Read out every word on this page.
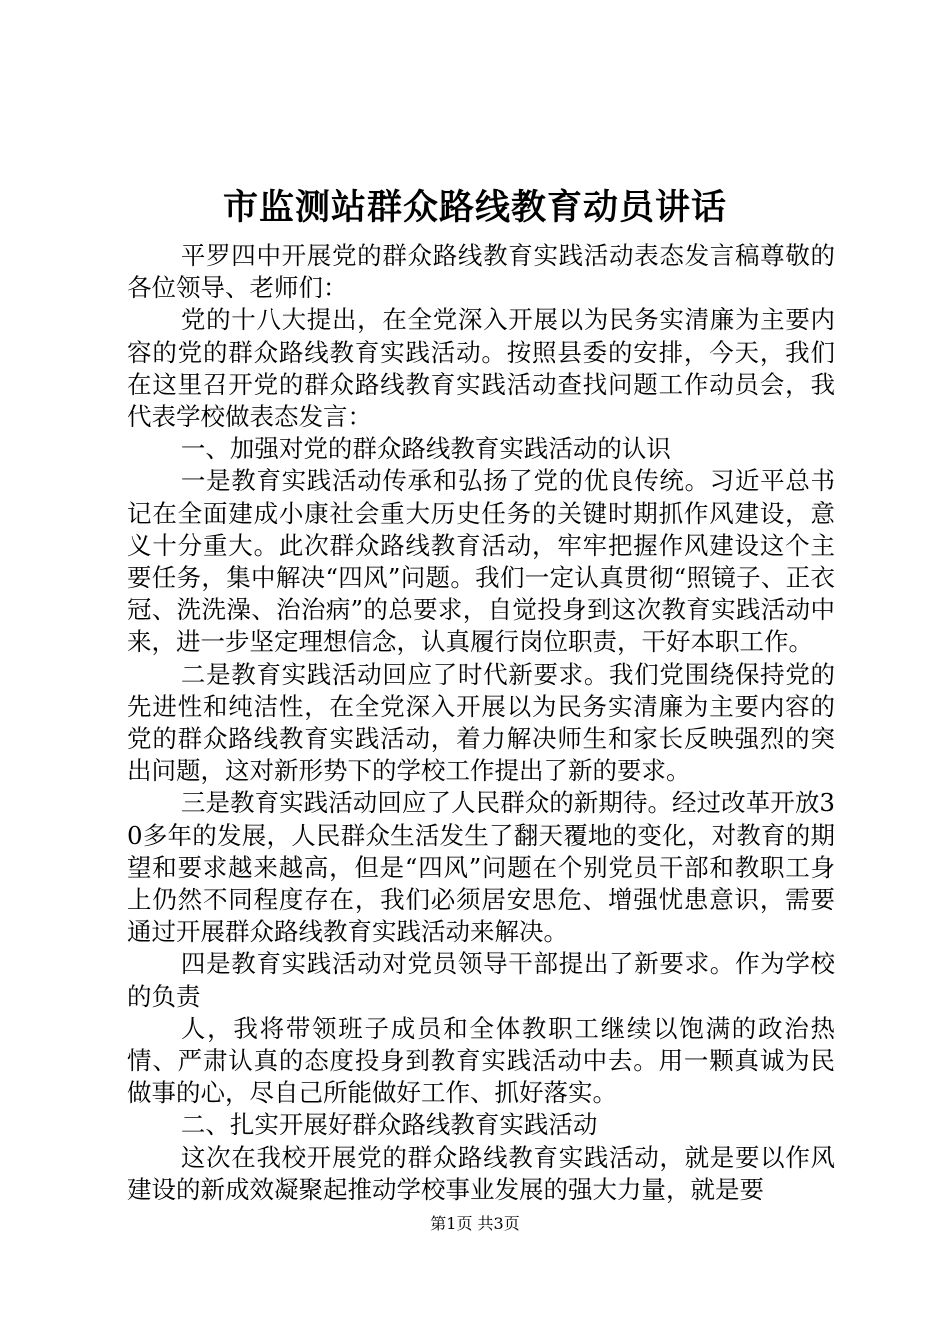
市监测站群众路线教育动员讲话

平罗四中开展党的群众路线教育实践活动表态发言稿尊敬的各位领导、老师们：

党的十八大提出，在全党深入开展以为民务实清廉为主要内容的党的群众路线教育实践活动。按照县委的安排，今天，我们在这里召开党的群众路线教育实践活动查找问题工作动员会，我代表学校做表态发言：

一、加强对党的群众路线教育实践活动的认识

一是教育实践活动传承和弘扬了党的优良传统。习近平总书记在全面建成小康社会重大历史任务的关键时期抓作风建设，意义十分重大。此次群众路线教育活动，牢牢把握作风建设这个主要任务，集中解决“四风”问题。我们一定认真贯彻“照镜子、正衣冠、洗洗澡、治治病”的总要求，自觉投身到这次教育实践活动中来，进一步坚定理想信念，认真履行岗位职责，干好本职工作。

二是教育实践活动回应了时代新要求。我们党围绕保持党的先进性和纯洁性，在全党深入开展以为民务实清廉为主要内容的党的群众路线教育实践活动，着力解决师生和家长反映强烈的突出问题，这对新形势下的学校工作提出了新的要求。

三是教育实践活动回应了人民群众的新期待。经过改革开放30多年的发展，人民群众生活发生了翻天覆地的变化，对教育的期望和要求越来越高，但是“四风”问题在个别党员干部和教职工身上仍然不同程度存在，我们必须居安思危、增强忧患意识，需要通过开展群众路线教育实践活动来解决。

四是教育实践活动对党员领导干部提出了新要求。作为学校的负责

人，我将带领班子成员和全体教职工继续以饱满的政治热情、严肃认真的态度投身到教育实践活动中去。用一颗真诚为民做事的心，尽自己所能做好工作、抓好落实。

二、扎实开展好群众路线教育实践活动

这次在我校开展党的群众路线教育实践活动，就是要以作风建设的新成效凝聚起推动学校事业发展的强大力量，就是要

第1页 共3页
